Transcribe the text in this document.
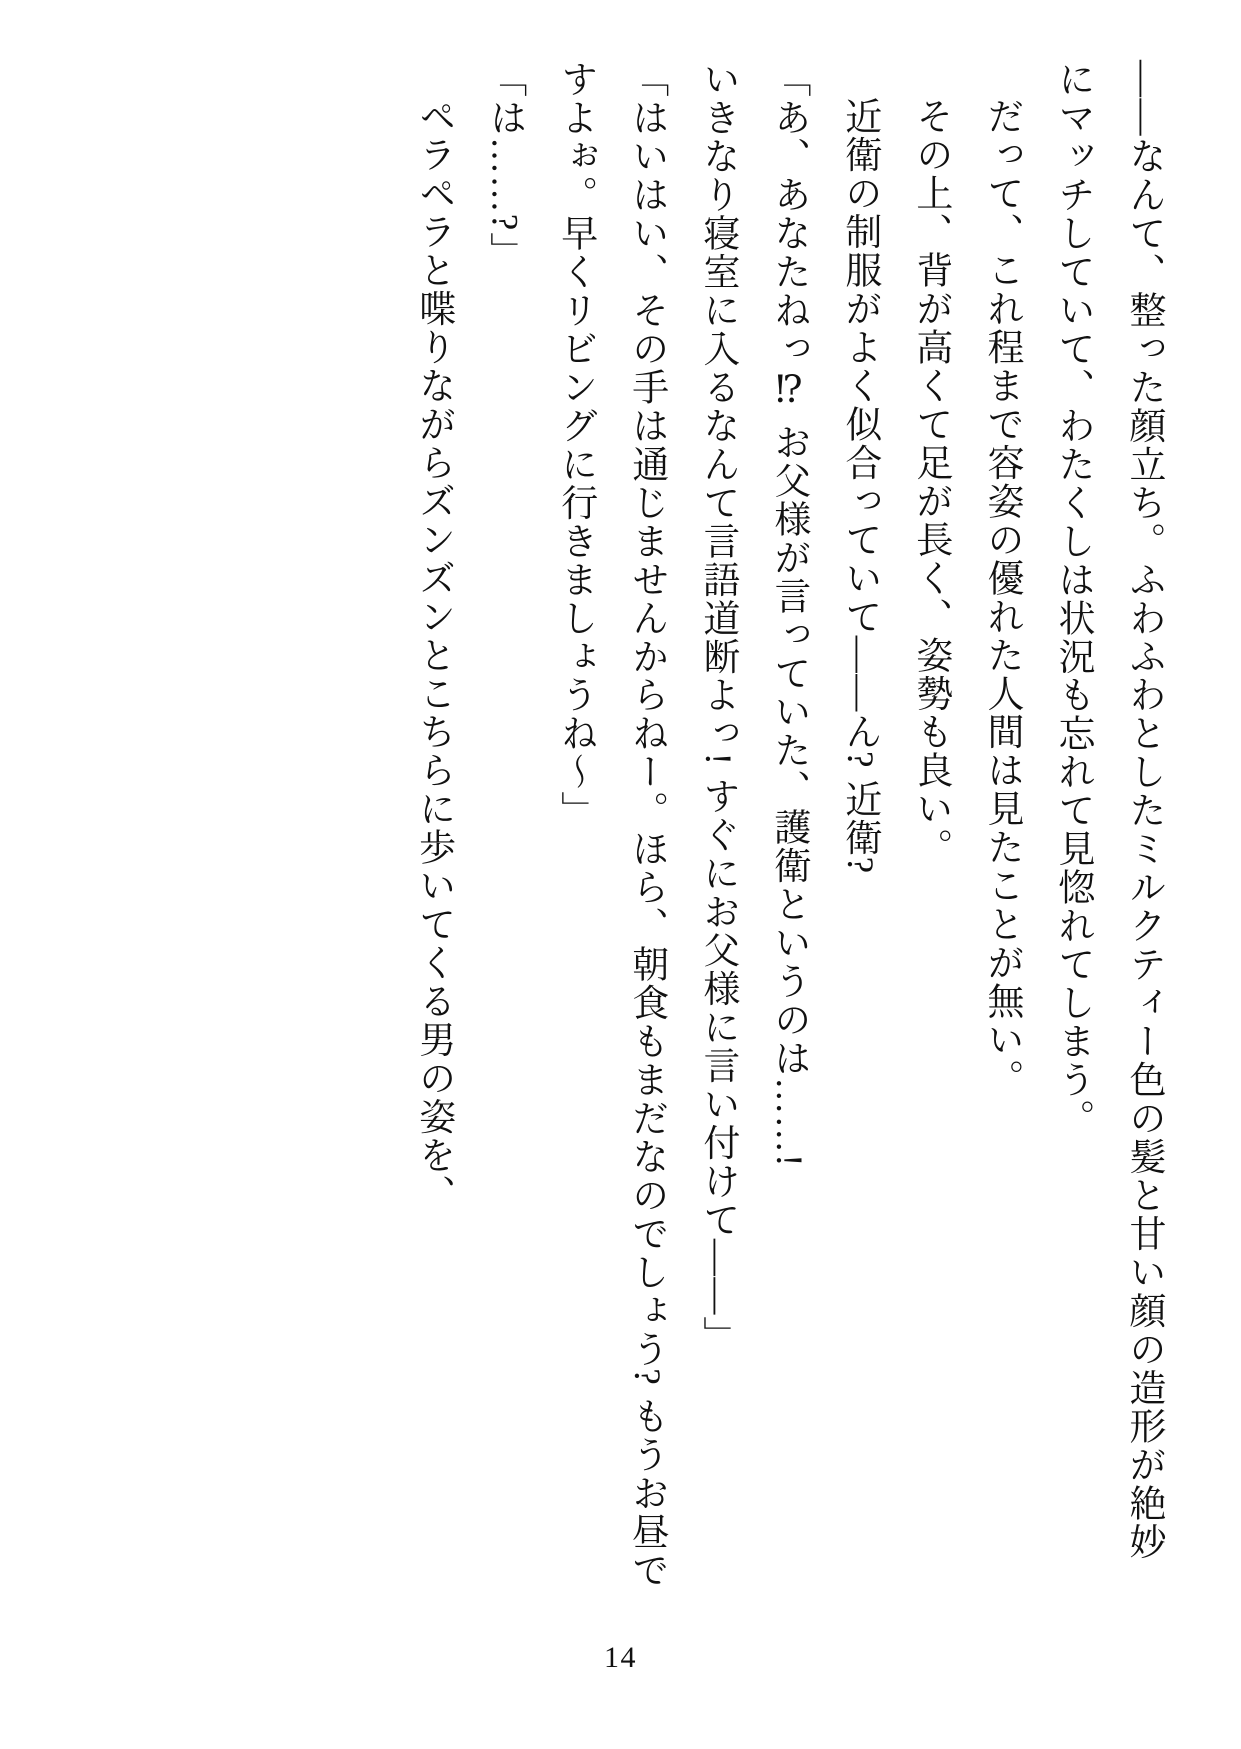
――なんて、整った顔立ち。ふわふわとしたミルクティー色の髪と甘い顔の造形が絶妙にマッチしていて、わたくしは状況も忘れて見惚れてしまう。

だって、これ程まで容姿の優れた人間は見たことが無い。

その上、背が高くて足が長く、姿勢も良い。

近衛の制服がよく似合っていて――ん? 近衛?

「あ、あなたねっ⁉ お父様が言っていた、護衛というのは……!

いきなり寝室に入るなんて言語道断よっ! すぐにお父様に言い付けて――」

「はいはい、その手は通じませんからねー。ほら、朝食もまだなのでしょう? もうお昼ですよぉ。早くリビングに行きましょうね～」

「は……?」

ペラペラと喋りながらズンズンとこちらに歩いてくる男の姿を、

14
